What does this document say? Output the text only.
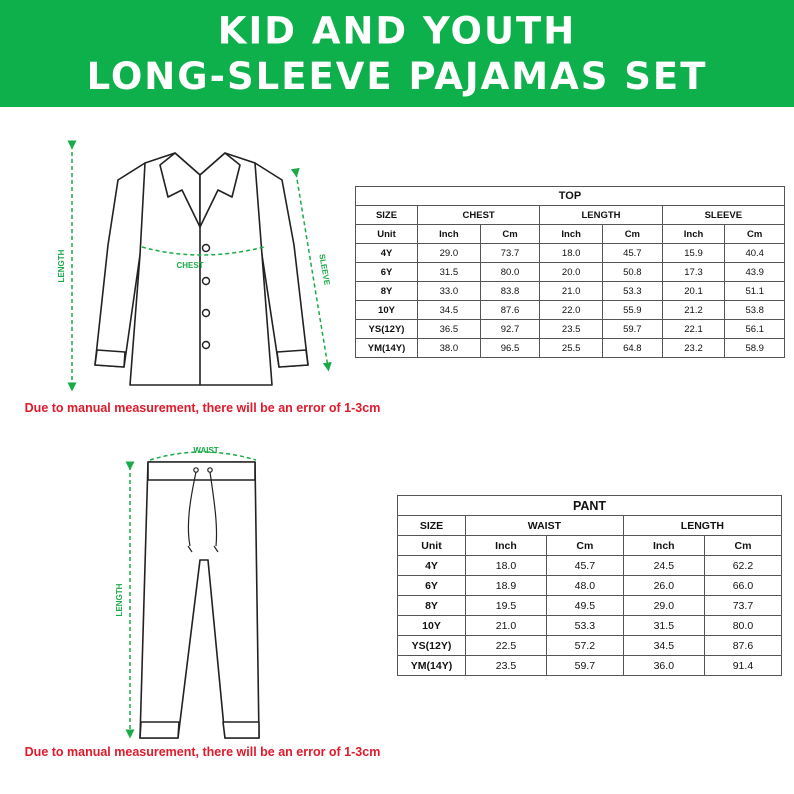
KID AND YOUTH
LONG-SLEEVE PAJAMAS SET
LENGTH	CHEST	SLEEVE
Due to manual measurement, there will be an error of 1-3cm
WAIST
LENGTH
Due to manual measurement, there will be an error of 1-3cm
TOP						
SIZE	CHEST		LENGTH		SLEEVE	
Unit	Inch	Cm	Inch	Cm	Inch	Cm
4Y	29.0	73.7	18.0	45.7	15.9	40.4
6Y	31.5	80.0	20.0	50.8	17.3	43.9
8Y	33.0	83.8	21.0	53.3	20.1	51.1
10Y	34.5	87.6	22.0	55.9	21.2	53.8
YS(12Y)	36.5	92.7	23.5	59.7	22.1	56.1
YM(14Y)	38.0	96.5	25.5	64.8	23.2	58.9
PANT				
SIZE	WAIST		LENGTH	
Unit	Inch	Cm	Inch	Cm
4Y	18.0	45.7	24.5	62.2
6Y	18.9	48.0	26.0	66.0
8Y	19.5	49.5	29.0	73.7
10Y	21.0	53.3	31.5	80.0
YS(12Y)	22.5	57.2	34.5	87.6
YM(14Y)	23.5	59.7	36.0	91.4
